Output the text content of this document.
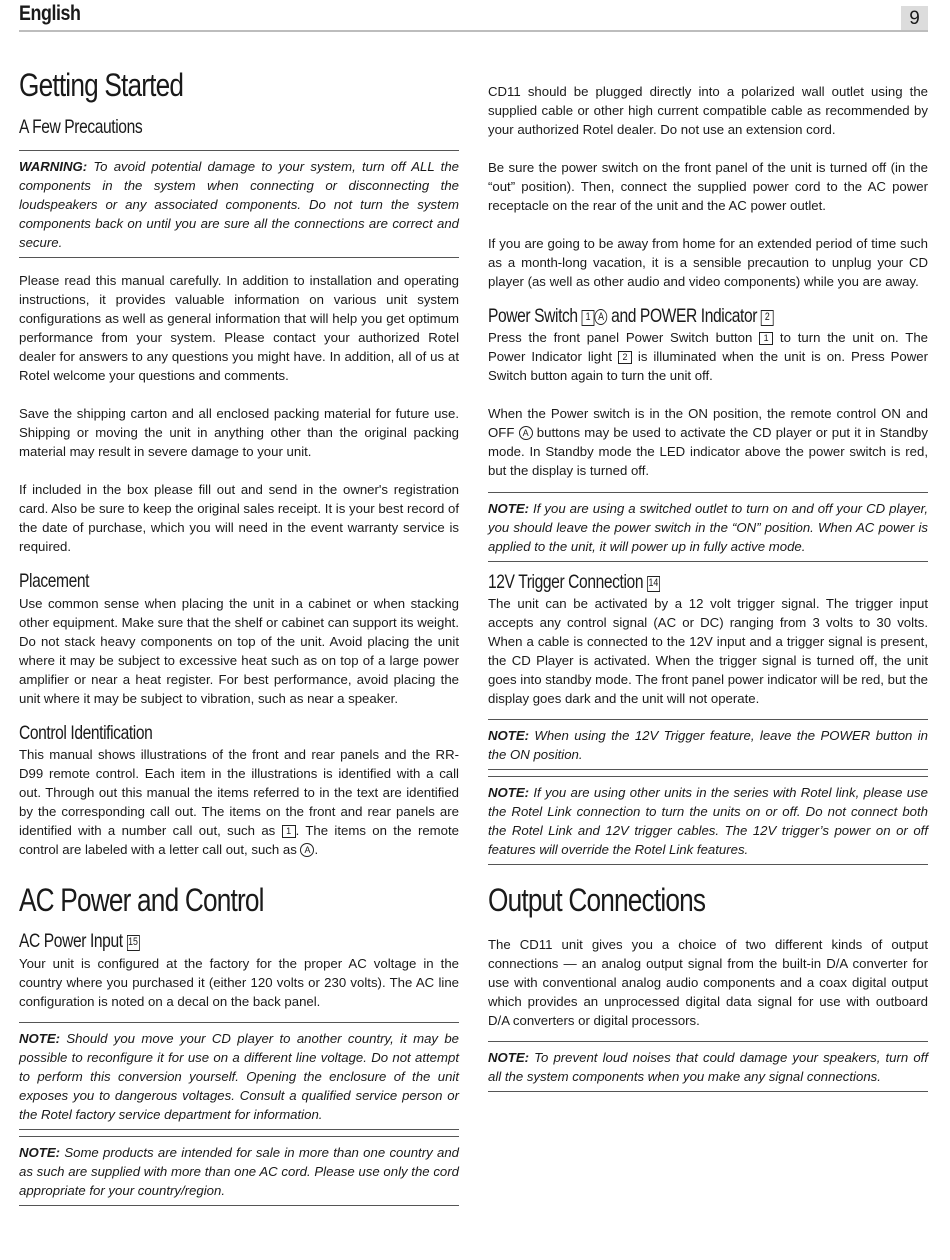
English	9
Getting Started
A Few Precautions

WARNING: To avoid potential damage to your system, turn off ALL the components in the system when connecting or disconnecting the loudspeakers or any associated components. Do not turn the system components back on until you are sure all the connections are correct and secure.

Please read this manual carefully. In addition to installation and operating instructions, it provides valuable information on various unit system configurations as well as general information that will help you get optimum performance from your system. Please contact your authorized Rotel dealer for answers to any questions you might have. In addition, all of us at Rotel welcome your questions and comments.

Save the shipping carton and all enclosed packing material for future use. Shipping or moving the unit in anything other than the original packing material may result in severe damage to your unit.

If included in the box please fill out and send in the owner's registration card. Also be sure to keep the original sales receipt. It is your best record of the date of purchase, which you will need in the event warranty service is required.

Placement

Use common sense when placing the unit in a cabinet or when stacking other equipment. Make sure that the shelf or cabinet can support its weight. Do not stack heavy components on top of the unit. Avoid placing the unit where it may be subject to excessive heat such as on top of a large power amplifier or near a heat register. For best performance, avoid placing the unit where it may be subject to vibration, such as near a speaker.

Control Identification

This manual shows illustrations of the front and rear panels and the RR-D99 remote control. Each item in the illustrations is identified with a call out. Through out this manual the items referred to in the text are identified by the corresponding call out. The items on the front and rear panels are identified with a number call out, such as 1 . The items on the remote control are labeled with a letter call out, such as A .

AC Power and Control
AC Power Input 15

Your unit is configured at the factory for the proper AC voltage in the country where you purchased it (either 120 volts or 230 volts). The AC line configuration is noted on a decal on the back panel.

NOTE: Should you move your CD player to another country, it may be possible to reconfigure it for use on a different line voltage. Do not attempt to perform this conversion yourself. Opening the enclosure of the unit exposes you to dangerous voltages. Consult a qualified service person or the Rotel factory service department for information.

NOTE: Some products are intended for sale in more than one country and as such are supplied with more than one AC cord. Please use only the cord appropriate for your country/region.

CD11 should be plugged directly into a polarized wall outlet using the supplied cable or other high current compatible cable as recommended by your authorized Rotel dealer. Do not use an extension cord.

Be sure the power switch on the front panel of the unit is turned off (in the “out” position). Then, connect the supplied power cord to the AC power receptacle on the rear of the unit and the AC power outlet.

If you are going to be away from home for an extended period of time such as a month-long vacation, it is a sensible precaution to unplug your CD player (as well as other audio and video components) while you are away.

Power Switch 1 A and POWER Indicator 2

Press the front panel Power Switch button 1 to turn the unit on. The Power Indicator light 2 is illuminated when the unit is on. Press Power Switch button again to turn the unit off.

When the Power switch is in the ON position, the remote control ON and OFF A buttons may be used to activate the CD player or put it in Standby mode. In Standby mode the LED indicator above the power switch is red, but the display is turned off.

NOTE: If you are using a switched outlet to turn on and off your CD player, you should leave the power switch in the “ON” position. When AC power is applied to the unit, it will power up in fully active mode.

12V Trigger Connection 14

The unit can be activated by a 12 volt trigger signal. The trigger input accepts any control signal (AC or DC) ranging from 3 volts to 30 volts. When a cable is connected to the 12V input and a trigger signal is present, the CD Player is activated. When the trigger signal is turned off, the unit goes into standby mode. The front panel power indicator will be red, but the display goes dark and the unit will not operate.

NOTE: When using the 12V Trigger feature, leave the POWER button in the ON position.

NOTE: If you are using other units in the series with Rotel link, please use the Rotel Link connection to turn the units on or off. Do not connect both the Rotel Link and 12V trigger cables. The 12V trigger’s power on or off features will override the Rotel Link features.

Output Connections

The CD11 unit gives you a choice of two different kinds of output connections — an analog output signal from the built-in D/A converter for use with conventional analog audio components and a coax digital output which provides an unprocessed digital data signal for use with outboard D/A converters or digital processors.

NOTE: To prevent loud noises that could damage your speakers, turn off all the system components when you make any signal connections.
